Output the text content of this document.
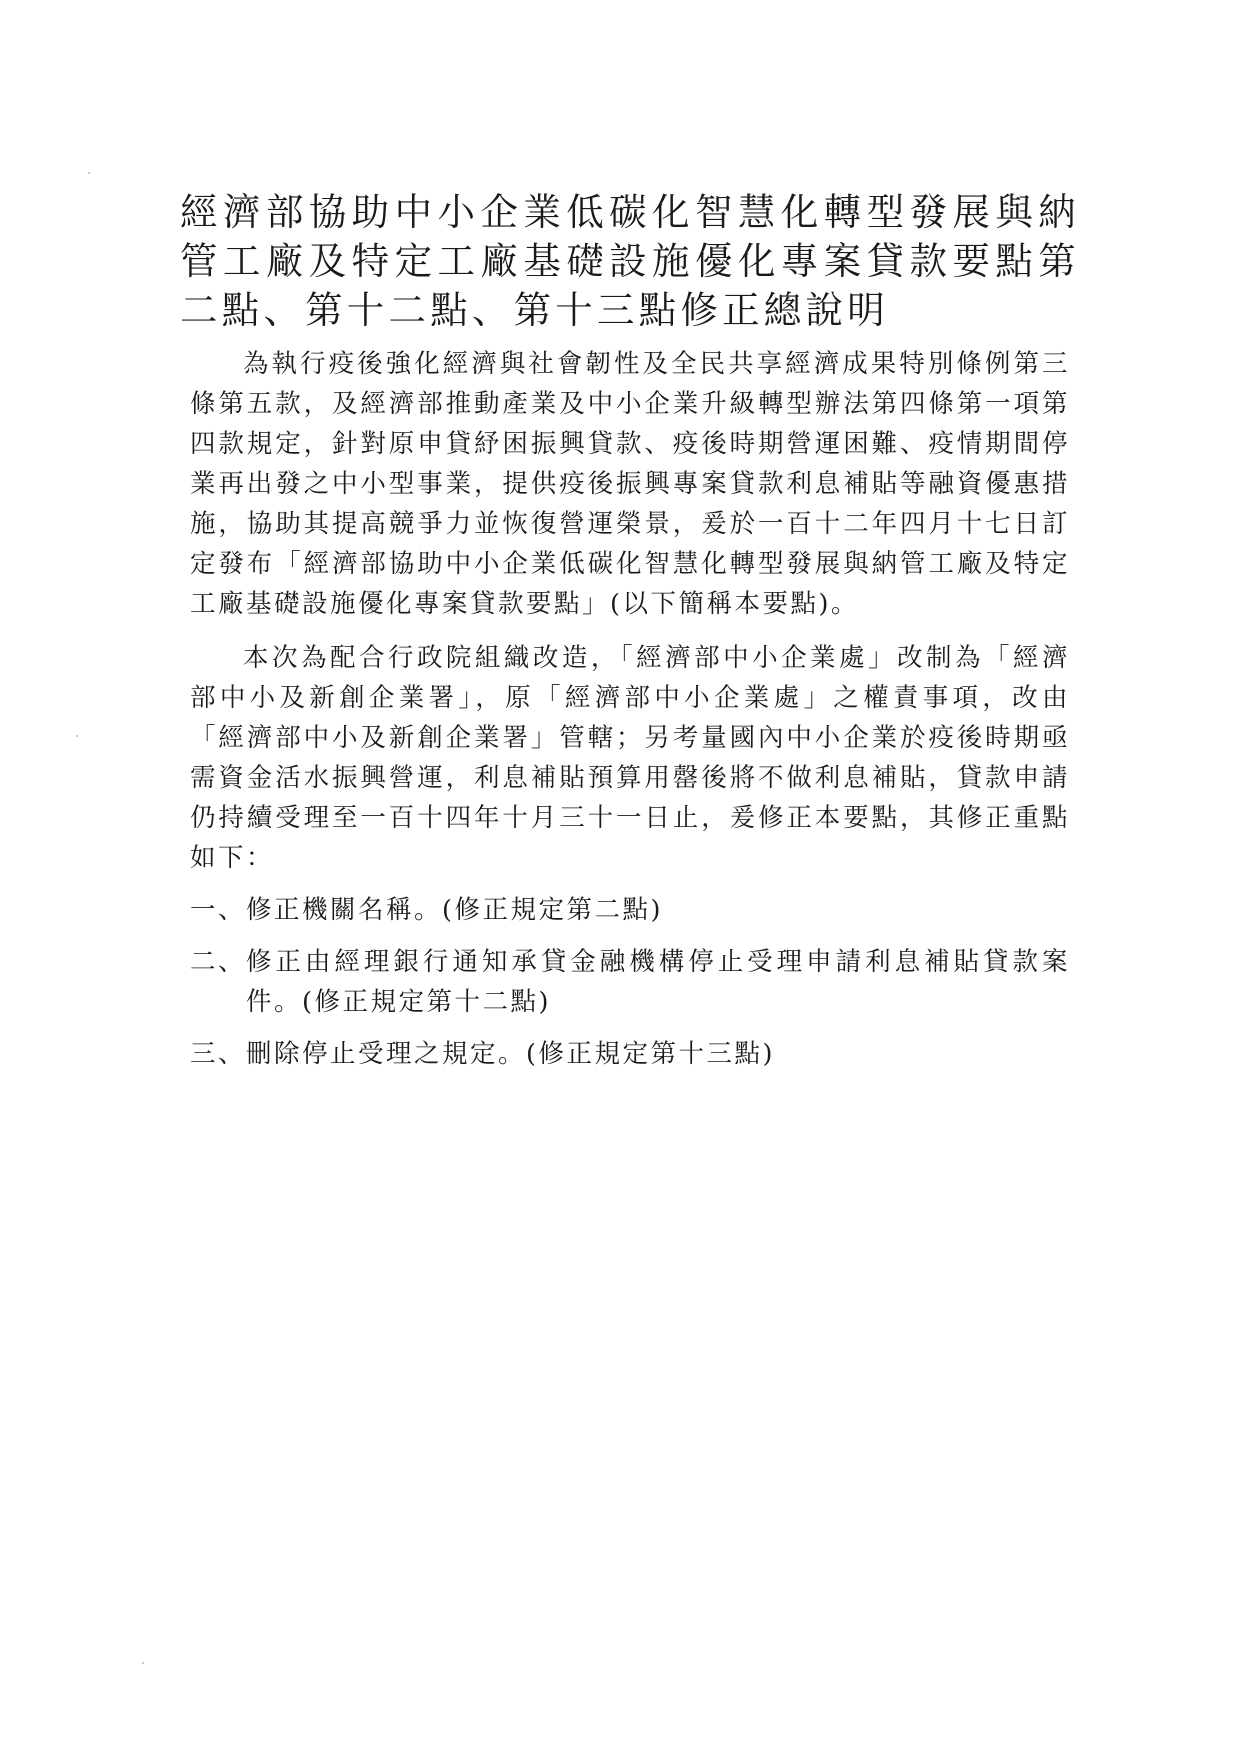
經濟部協助中小企業低碳化智慧化轉型發展與納管工廠及特定工廠基礎設施優化專案貸款要點第二點、第十二點、第十三點修正總說明

為執行疫後強化經濟與社會韌性及全民共享經濟成果特別條例第三條第五款，及經濟部推動產業及中小企業升級轉型辦法第四條第一項第四款規定，針對原申貸紓困振興貸款、疫後時期營運困難、疫情期間停業再出發之中小型事業，提供疫後振興專案貸款利息補貼等融資優惠措施，協助其提高競爭力並恢復營運榮景，爰於一百十二年四月十七日訂定發布「經濟部協助中小企業低碳化智慧化轉型發展與納管工廠及特定工廠基礎設施優化專案貸款要點」(以下簡稱本要點)。

本次為配合行政院組織改造，「經濟部中小企業處」改制為「經濟部中小及新創企業署」，原「經濟部中小企業處」之權責事項，改由「經濟部中小及新創企業署」管轄；另考量國內中小企業於疫後時期亟需資金活水振興營運，利息補貼預算用罄後將不做利息補貼，貸款申請仍持續受理至一百十四年十月三十一日止，爰修正本要點，其修正重點如下：

一、 修正機關名稱。(修正規定第二點)
二、 修正由經理銀行通知承貸金融機構停止受理申請利息補貼貸款案件。(修正規定第十二點)
三、 刪除停止受理之規定。(修正規定第十三點)
